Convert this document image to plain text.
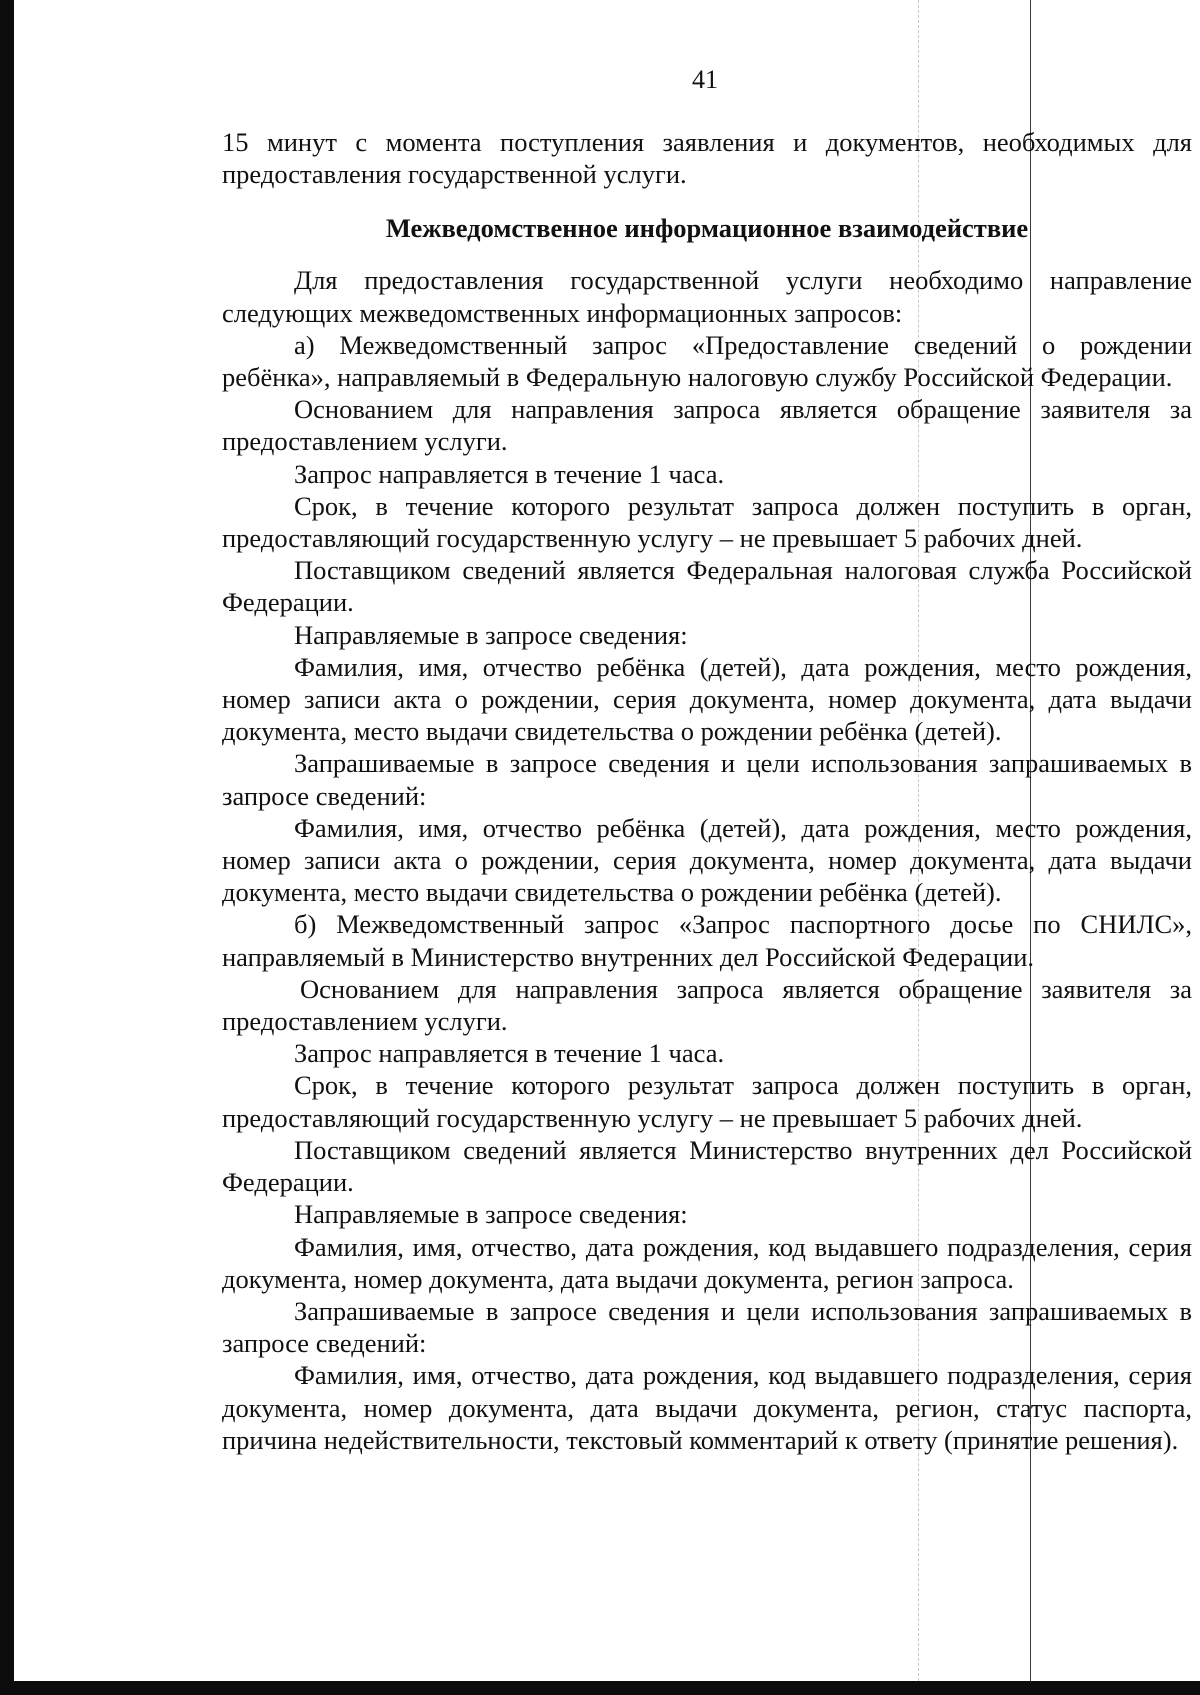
41

15 минут с момента поступления заявления и документов, необходимых для предоставления государственной услуги.

Межведомственное информационное взаимодействие

Для предоставления государственной услуги необходимо направление следующих межведомственных информационных запросов:

а) Межведомственный запрос «Предоставление сведений о рождении ребёнка», направляемый в Федеральную налоговую службу Российской Федерации.

Основанием для направления запроса является обращение заявителя за предоставлением услуги.

Запрос направляется в течение 1 часа.

Срок, в течение которого результат запроса должен поступить в орган, предоставляющий государственную услугу – не превышает 5 рабочих дней.

Поставщиком сведений является Федеральная налоговая служба Российской Федерации.

Направляемые в запросе сведения:

Фамилия, имя, отчество ребёнка (детей), дата рождения, место рождения, номер записи акта о рождении, серия документа, номер документа, дата выдачи документа, место выдачи свидетельства о рождении ребёнка (детей).

Запрашиваемые в запросе сведения и цели использования запрашиваемых в запросе сведений:

Фамилия, имя, отчество ребёнка (детей), дата рождения, место рождения, номер записи акта о рождении, серия документа, номер документа, дата выдачи документа, место выдачи свидетельства о рождении ребёнка (детей).

б) Межведомственный запрос «Запрос паспортного досье по СНИЛС», направляемый в Министерство внутренних дел Российской Федерации.

Основанием для направления запроса является обращение заявителя за предоставлением услуги.

Запрос направляется в течение 1 часа.

Срок, в течение которого результат запроса должен поступить в орган, предоставляющий государственную услугу – не превышает 5 рабочих дней.

Поставщиком сведений является Министерство внутренних дел Российской Федерации.

Направляемые в запросе сведения:

Фамилия, имя, отчество, дата рождения, код выдавшего подразделения, серия документа, номер документа, дата выдачи документа, регион запроса.

Запрашиваемые в запросе сведения и цели использования запрашиваемых в запросе сведений:

Фамилия, имя, отчество, дата рождения, код выдавшего подразделения, серия документа, номер документа, дата выдачи документа, регион, статус паспорта, причина недействительности, текстовый комментарий к ответу (принятие решения).
